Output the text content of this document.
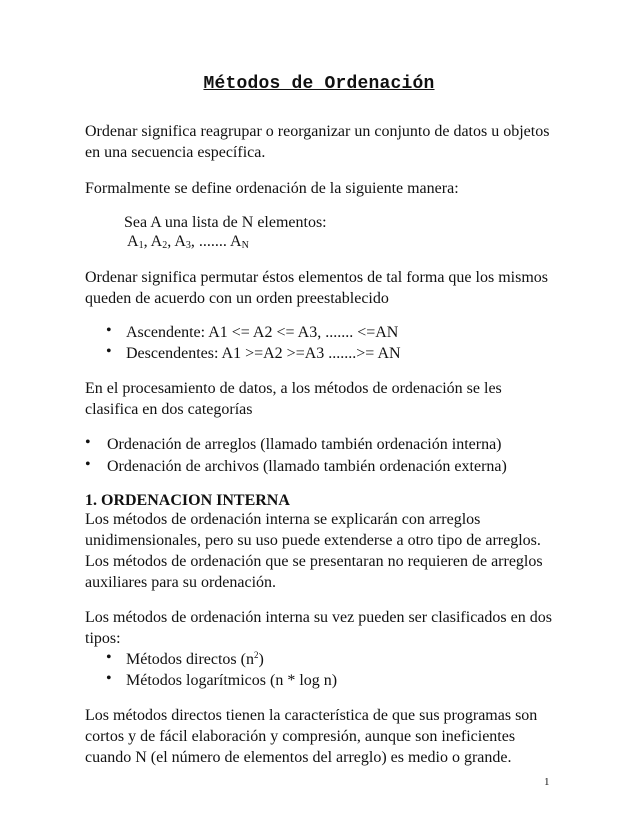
Métodos de Ordenación
Ordenar significa reagrupar o reorganizar un conjunto de datos u objetos
en una secuencia específica.
Formalmente se define ordenación de la siguiente manera:
Sea A una lista de N elementos:
A1, A2, A3, ....... AN
Ordenar significa permutar éstos elementos de tal forma que los mismos
queden de acuerdo con un orden preestablecido
• Ascendente: A1 <= A2 <= A3, ....... <=AN
• Descendentes: A1 >=A2 >=A3 .......>= AN
En el procesamiento de datos, a los métodos de ordenación se les
clasifica en dos categorías
• Ordenación de arreglos (llamado también ordenación interna)
• Ordenación de archivos (llamado también ordenación externa)
1. ORDENACION INTERNA
Los métodos de ordenación interna se explicarán con arreglos
unidimensionales, pero su uso puede extenderse a otro tipo de arreglos.
Los métodos de ordenación que se presentaran no requieren de arreglos
auxiliares para su ordenación.
Los métodos de ordenación interna su vez pueden ser clasificados en dos
tipos:
• Métodos directos $(n^2)$
• Métodos logarítmicos (n * log n)
Los métodos directos tienen la característica de que sus programas son
cortos y de fácil elaboración y compresión, aunque son ineficientes
cuando N (el número de elementos del arreglo) es medio o grande.
1
